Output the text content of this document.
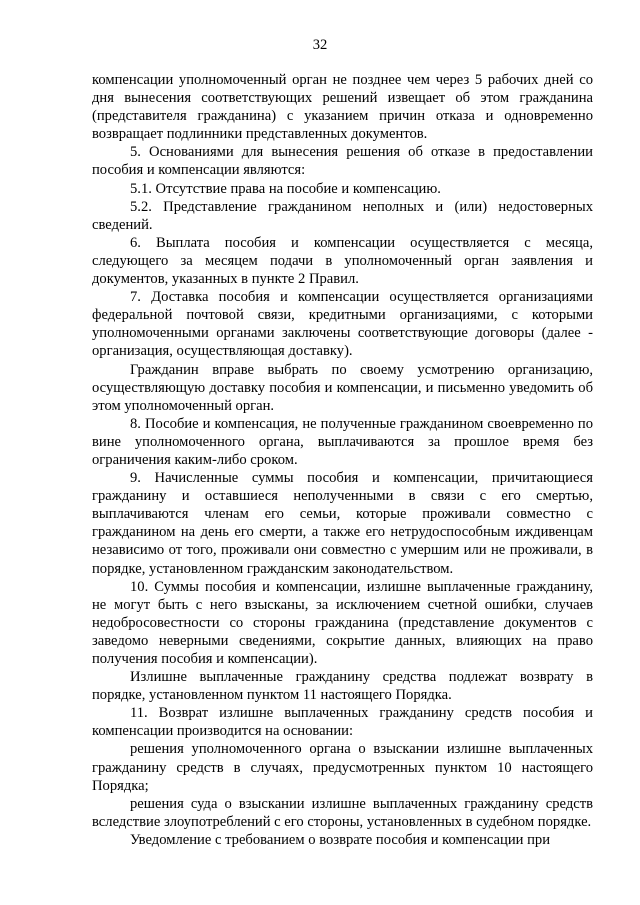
32

компенсации уполномоченный орган не позднее чем через 5 рабочих дней со дня вынесения соответствующих решений извещает об этом гражданина (представителя гражданина) с указанием причин отказа и одновременно возвращает подлинники представленных документов.

5. Основаниями для вынесения решения об отказе в предоставлении пособия и компенсации являются:

5.1. Отсутствие права на пособие и компенсацию.

5.2. Представление гражданином неполных и (или) недостоверных сведений.

6. Выплата пособия и компенсации осуществляется с месяца, следующего за месяцем подачи в уполномоченный орган заявления и документов, указанных в пункте 2 Правил.

7. Доставка пособия и компенсации осуществляется организациями федеральной почтовой связи, кредитными организациями, с которыми уполномоченными органами заключены соответствующие договоры (далее - организация, осуществляющая доставку).

Гражданин вправе выбрать по своему усмотрению организацию, осуществляющую доставку пособия и компенсации, и письменно уведомить об этом уполномоченный орган.

8. Пособие и компенсация, не полученные гражданином своевременно по вине уполномоченного органа, выплачиваются за прошлое время без ограничения каким-либо сроком.

9. Начисленные суммы пособия и компенсации, причитающиеся гражданину и оставшиеся неполученными в связи с его смертью, выплачиваются членам его семьи, которые проживали совместно с гражданином на день его смерти, а также его нетрудоспособным иждивенцам независимо от того, проживали они совместно с умершим или не проживали, в порядке, установленном гражданским законодательством.

10. Суммы пособия и компенсации, излишне выплаченные гражданину, не могут быть с него взысканы, за исключением счетной ошибки, случаев недобросовестности со стороны гражданина (представление документов с заведомо неверными сведениями, сокрытие данных, влияющих на право получения пособия и компенсации).

Излишне выплаченные гражданину средства подлежат возврату в порядке, установленном пунктом 11 настоящего Порядка.

11. Возврат излишне выплаченных гражданину средств пособия и компенсации производится на основании:

решения уполномоченного органа о взыскании излишне выплаченных гражданину средств в случаях, предусмотренных пунктом 10 настоящего Порядка;

решения суда о взыскании излишне выплаченных гражданину средств вследствие злоупотреблений с его стороны, установленных в судебном порядке.

Уведомление с требованием о возврате пособия и компенсации при
